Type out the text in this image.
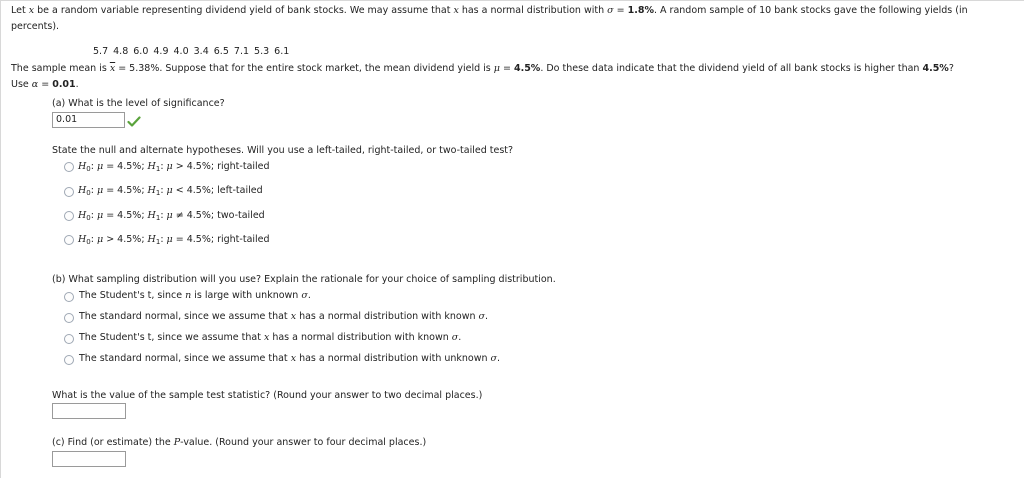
Let x be a random variable representing dividend yield of bank stocks. We may assume that x has a normal distribution with σ = 1.8%. A random sample of 10 bank stocks gave the following yields (in
percents).
5.7 4.8 6.0 4.9 4.0 3.4 6.5 7.1 5.3 6.1
The sample mean is $\overline{x} = 5.38\%$. Suppose that for the entire stock market, the mean dividend yield is μ = 4.5%. Do these data indicate that the dividend yield of all bank stocks is higher than 4.5%?
Use α = 0.01.
(a) What is the level of significance?
0.01
State the null and alternate hypotheses. Will you use a left-tailed, right-tailed, or two-tailed test?
$H_0$: μ = 4.5%; $H_1$: μ > 4.5%; right-tailed
$H_0$: μ = 4.5%; $H_1$: μ < 4.5%; left-tailed
$H_0$: μ = 4.5%; $H_1$: μ ≠ 4.5%; two-tailed
$H_0$: μ > 4.5%; $H_1$: μ = 4.5%; right-tailed
(b) What sampling distribution will you use? Explain the rationale for your choice of sampling distribution.
The Student's t, since n is large with unknown σ.
The standard normal, since we assume that x has a normal distribution with known σ.
The Student's t, since we assume that x has a normal distribution with known σ.
The standard normal, since we assume that x has a normal distribution with unknown σ.
What is the value of the sample test statistic? (Round your answer to two decimal places.)
(c) Find (or estimate) the P-value. (Round your answer to four decimal places.)
